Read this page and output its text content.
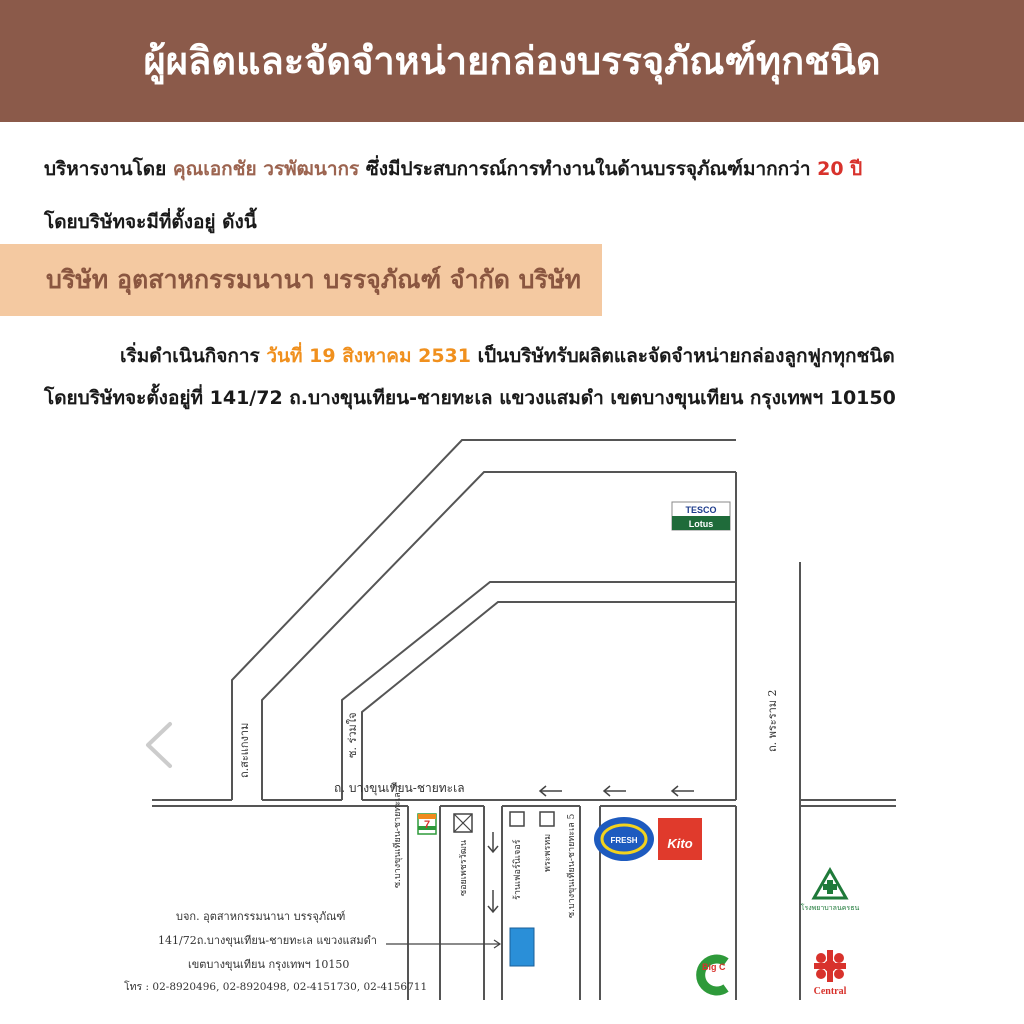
ผู้ผลิตและจัดจำหน่ายกล่องบรรจุภัณฑ์ทุกชนิด
บริหารงานโดย คุณเอกชัย วรพัฒนากร ซึ่งมีประสบการณ์การทำงานในด้านบรรจุภัณฑ์มากกว่า 20 ปี
โดยบริษัทจะมีที่ตั้งอยู่ ดังนี้
บริษัท อุตสาหกรรมนานา บรรจุภัณฑ์ จำกัด บริษัท
เริ่มดำเนินกิจการ วันที่ 19 สิงหาคม 2531 เป็นบริษัทรับผลิตและจัดจำหน่ายกล่องลูกฟูกทุกชนิด
โดยบริษัทจะตั้งอยู่ที่ 141/72 ถ.บางขุนเทียน-ชายทะเล แขวงแสมดำ เขตบางขุนเทียน กรุงเทพฯ 10150
ถ. บางขุนเทียน-ชายทะเล
ถ.สะแกงาม	ซ. ร่วมใจ	ถ. พระราม 2
ซ.บางขุนเทียน-ชายทะเล 7	ซ.บางขุนเทียน-ชายทะเล 5
ซอยเพชรวัฒน	ร้านเฟอร์นิเจอร์ พระพรหม
7
TESCO
Lotus
FRESH Kito
โรงพยาบาลนครธน
Big C
Central
บจก. อุตสาหกรรมนานา บรรจุภัณฑ์
141/72ถ.บางขุนเทียน-ชายทะเล แขวงแสมดำ
เขตบางขุนเทียน กรุงเทพฯ 10150
โทร : 02-8920496, 02-8920498, 02-4151730, 02-4156711
